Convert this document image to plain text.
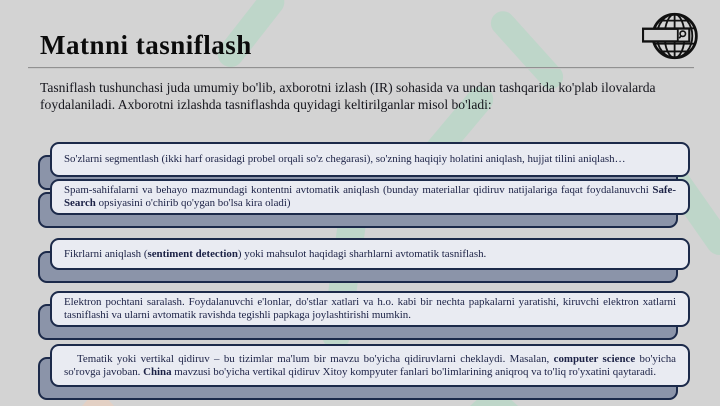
Matnni tasniflash

Tasniflash tushunchasi juda umumiy bo'lib, axborotni izlash (IR) sohasida va undan tashqarida ko'plab ilovalarda foydalaniladi. Axborotni izlashda tasniflashda quyidagi keltirilganlar misol bo'ladi:

So'zlarni segmentlash (ikki harf orasidagi probel orqali so'z chegarasi), so'zning haqiqiy holatini aniqlash, hujjat tilini aniqlash…

Spam-sahifalarni va behayo mazmundagi kontentni avtomatik aniqlash (bunday materiallar qidiruv natijalariga faqat foydalanuvchi Safe-Search opsiyasini o'chirib qo'ygan bo'lsa kira oladi)

Fikrlarni aniqlash (sentiment detection) yoki mahsulot haqidagi sharhlarni avtomatik tasniflash.

Elektron pochtani saralash. Foydalanuvchi e'lonlar, do'stlar xatlari va h.o. kabi bir nechta papkalarni yaratishi, kiruvchi elektron xatlarni tasniflashi va ularni avtomatik ravishda tegishli papkaga joylashtirishi mumkin.

Tematik yoki vertikal qidiruv – bu tizimlar ma'lum bir mavzu bo'yicha qidiruvlarni cheklaydi. Masalan, computer science bo'yicha so'rovga javoban. China mavzusi bo'yicha vertikal qidiruv Xitoy kompyuter fanlari bo'limlarining aniqroq va to'liq ro'yxatini qaytaradi.
